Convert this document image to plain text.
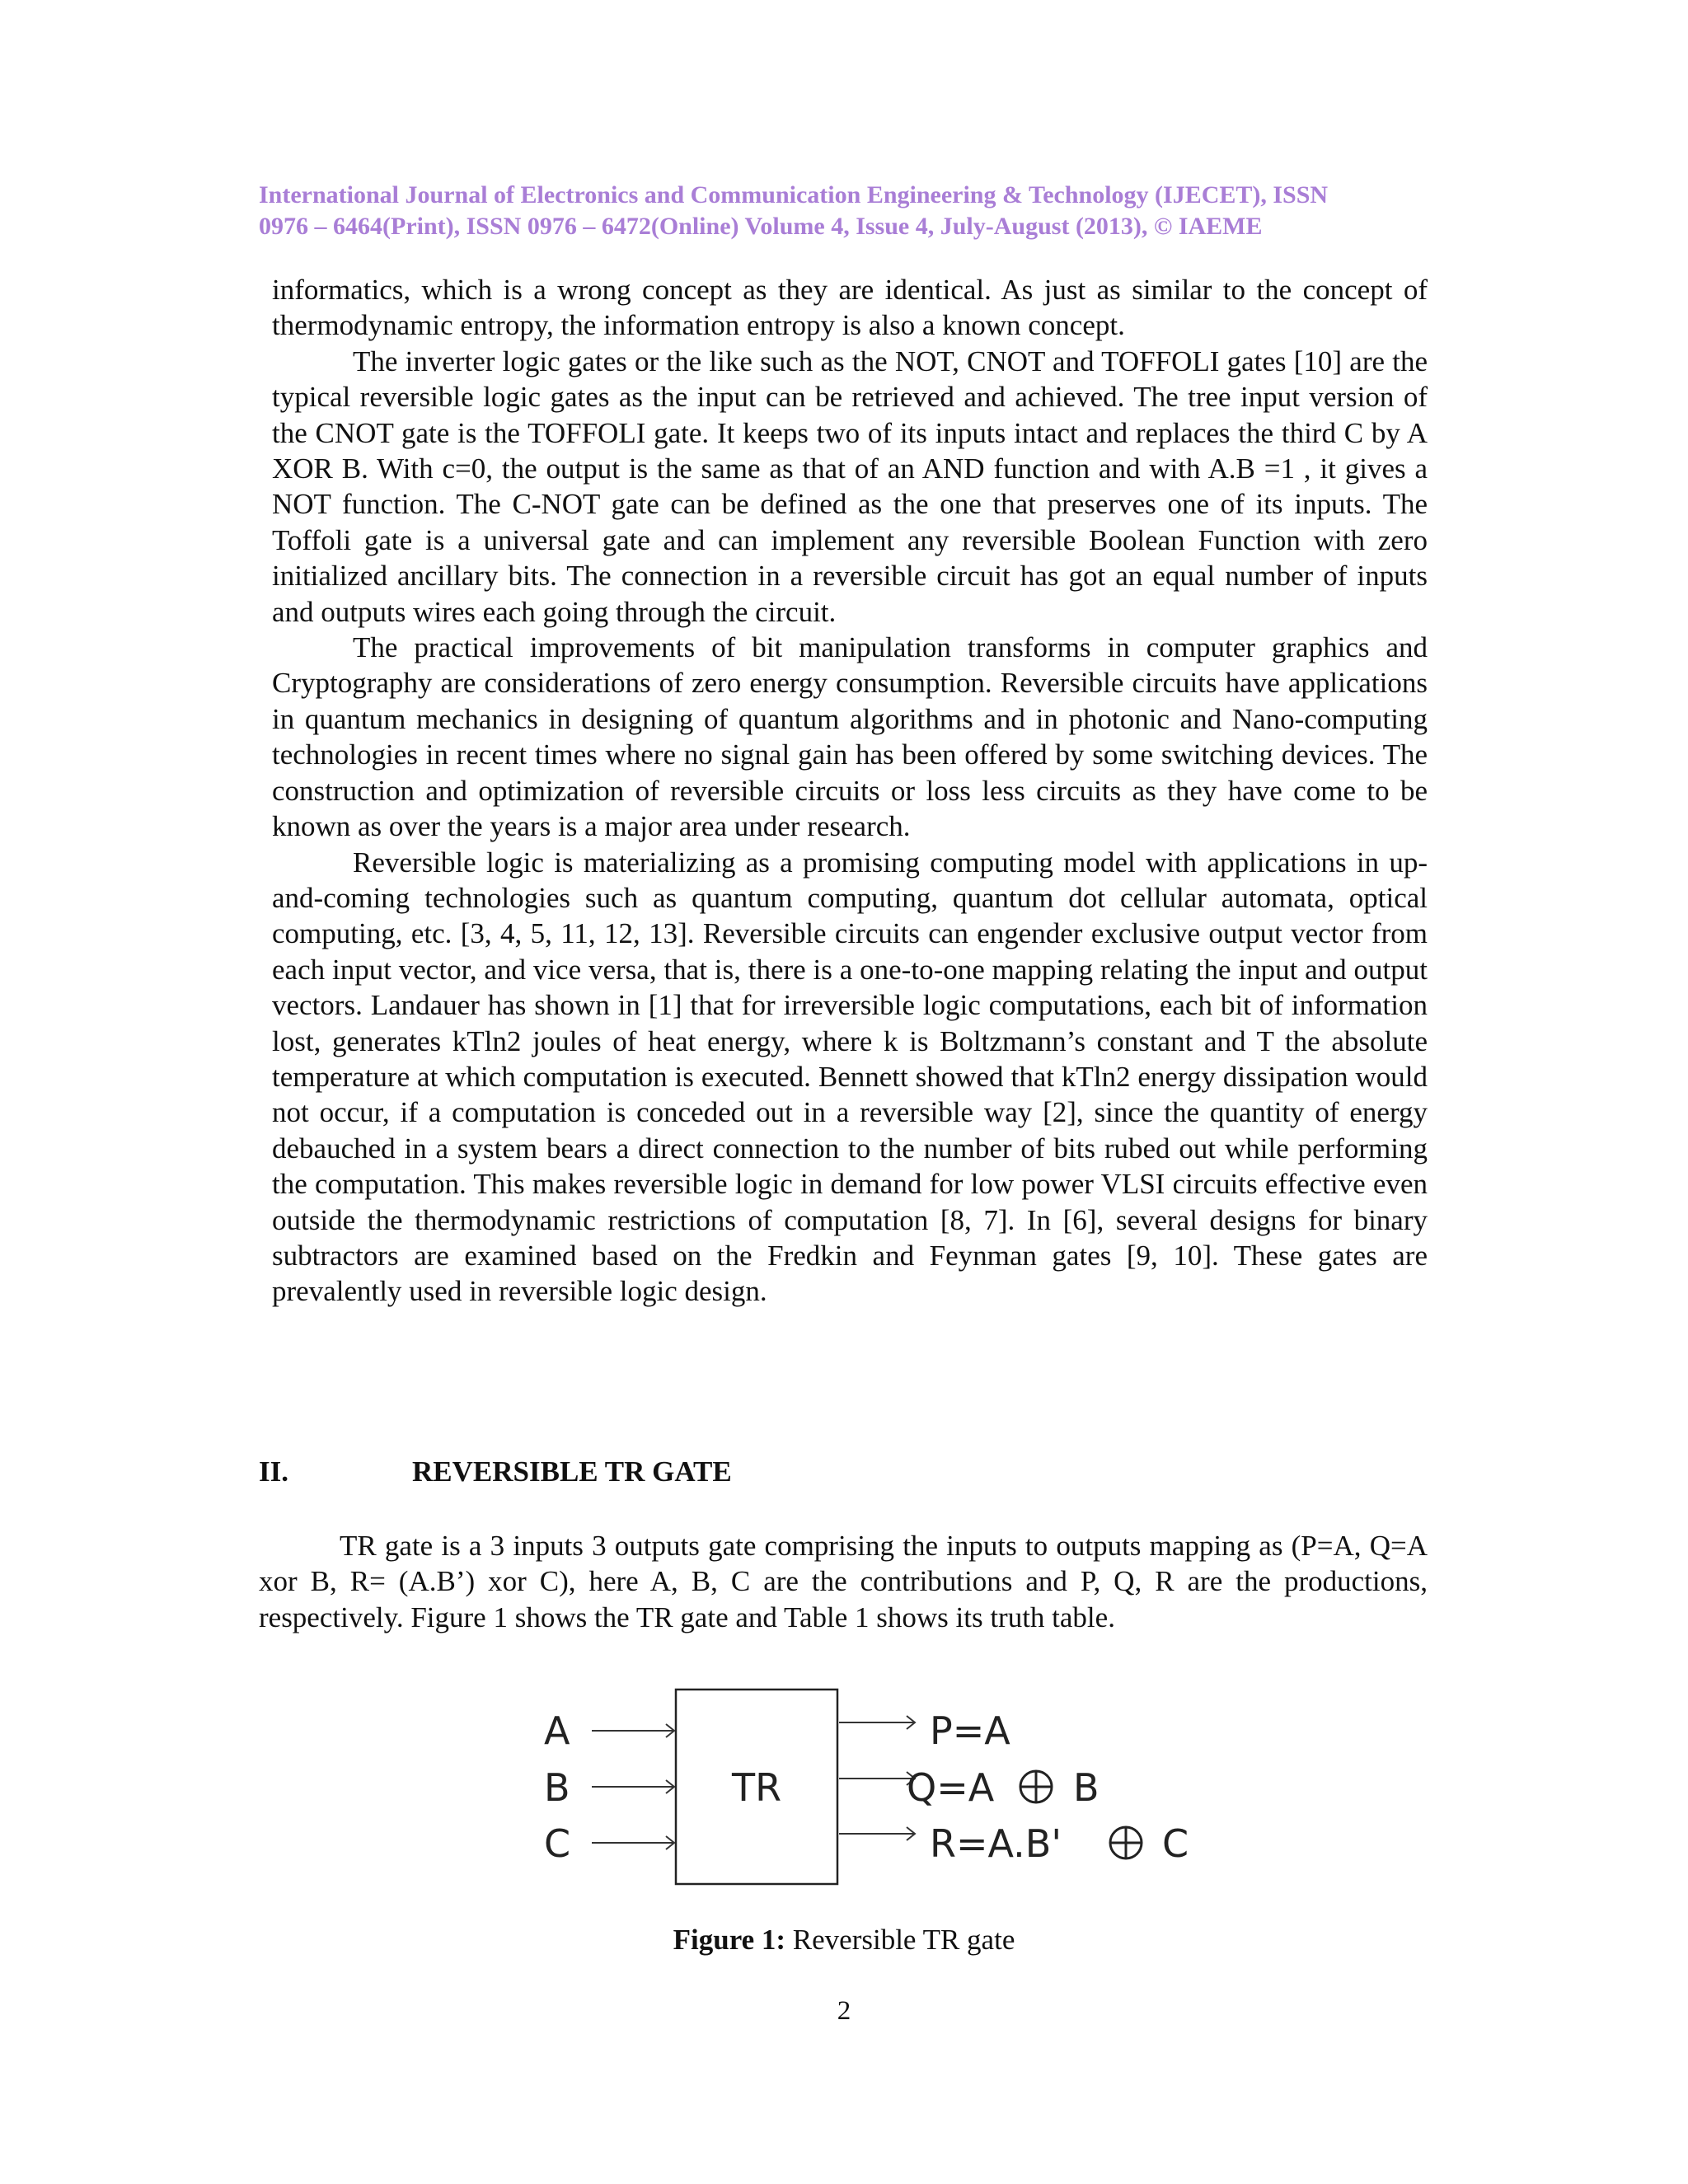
International Journal of Electronics and Communication Engineering & Technology (IJECET), ISSN
0976 – 6464(Print), ISSN 0976 – 6472(Online) Volume 4, Issue 4, July-August (2013), © IAEME

informatics, which is a wrong concept as they are identical. As just as similar to the concept of thermodynamic entropy, the information entropy is also a known concept.

The inverter logic gates or the like such as the NOT, CNOT and TOFFOLI gates [10] are the typical reversible logic gates as the input can be retrieved and achieved. The tree input version of the CNOT gate is the TOFFOLI gate. It keeps two of its inputs intact and replaces the third C by A XOR B. With c=0, the output is the same as that of an AND function and with A.B =1 , it gives a NOT function. The C-NOT gate can be defined as the one that preserves one of its inputs. The Toffoli gate is a universal gate and can implement any reversible Boolean Function with zero initialized ancillary bits. The connection in a reversible circuit has got an equal number of inputs and outputs wires each going through the circuit.

The practical improvements of bit manipulation transforms in computer graphics and Cryptography are considerations of zero energy consumption. Reversible circuits have applications in quantum mechanics in designing of quantum algorithms and in photonic and Nano-computing technologies in recent times where no signal gain has been offered by some switching devices. The construction and optimization of reversible circuits or loss less circuits as they have come to be known as over the years is a major area under research.

Reversible logic is materializing as a promising computing model with applications in up- and-coming technologies such as quantum computing, quantum dot cellular automata, optical computing, etc. [3, 4, 5, 11, 12, 13]. Reversible circuits can engender exclusive output vector from each input vector, and vice versa, that is, there is a one-to-one mapping relating the input and output vectors. Landauer has shown in [1] that for irreversible logic computations, each bit of information lost, generates kTln2 joules of heat energy, where k is Boltzmann’s constant and T the absolute temperature at which computation is executed. Bennett showed that kTln2 energy dissipation would not occur, if a computation is conceded out in a reversible way [2], since the quantity of energy debauched in a system bears a direct connection to the number of bits rubed out while performing the computation. This makes reversible logic in demand for low power VLSI circuits effective even outside the thermodynamic restrictions of computation [8, 7]. In [6], several designs for binary subtractors are examined based on the Fredkin and Feynman gates [9, 10]. These gates are prevalently used in reversible logic design.

II.	REVERSIBLE TR GATE

TR gate is a 3 inputs 3 outputs gate comprising the inputs to outputs mapping as (P=A, Q=A xor B, R= (A.B’) xor C), here A, B, C are the contributions and P, Q, R are the productions, respectively. Figure 1 shows the TR gate and Table 1 shows its truth table.

A
B
C
TR
P=A
Q=A B
R=A.B'	C
Figure 1: Reversible TR gate
2
